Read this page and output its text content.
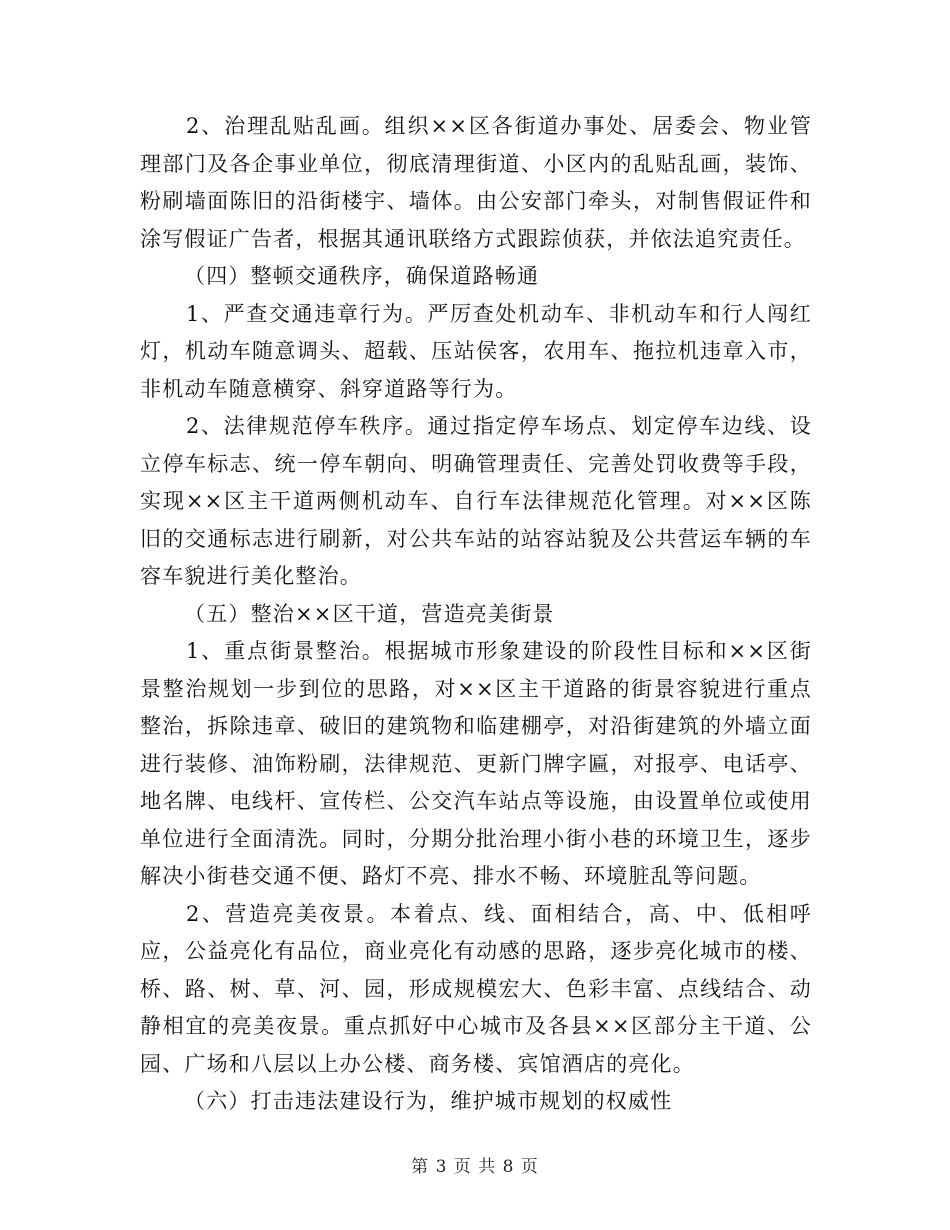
2、治理乱贴乱画。组织××区各街道办事处、居委会、物业管理部门及各企事业单位，彻底清理街道、小区内的乱贴乱画，装饰、粉刷墙面陈旧的沿街楼宇、墙体。由公安部门牵头，对制售假证件和涂写假证广告者，根据其通讯联络方式跟踪侦获，并依法追究责任。

（四）整顿交通秩序，确保道路畅通

1、严查交通违章行为。严厉查处机动车、非机动车和行人闯红灯，机动车随意调头、超载、压站侯客，农用车、拖拉机违章入市，非机动车随意横穿、斜穿道路等行为。

2、法律规范停车秩序。通过指定停车场点、划定停车边线、设立停车标志、统一停车朝向、明确管理责任、完善处罚收费等手段，实现××区主干道两侧机动车、自行车法律规范化管理。对××区陈旧的交通标志进行刷新，对公共车站的站容站貌及公共营运车辆的车容车貌进行美化整治。

（五）整治××区干道，营造亮美街景

1、重点街景整治。根据城市形象建设的阶段性目标和××区街景整治规划一步到位的思路，对××区主干道路的街景容貌进行重点整治，拆除违章、破旧的建筑物和临建棚亭，对沿街建筑的外墙立面进行装修、油饰粉刷，法律规范、更新门牌字匾，对报亭、电话亭、地名牌、电线杆、宣传栏、公交汽车站点等设施，由设置单位或使用单位进行全面清洗。同时，分期分批治理小街小巷的环境卫生，逐步解决小街巷交通不便、路灯不亮、排水不畅、环境脏乱等问题。

2、营造亮美夜景。本着点、线、面相结合，高、中、低相呼应，公益亮化有品位，商业亮化有动感的思路，逐步亮化城市的楼、桥、路、树、草、河、园，形成规模宏大、色彩丰富、点线结合、动静相宜的亮美夜景。重点抓好中心城市及各县××区部分主干道、公园、广场和八层以上办公楼、商务楼、宾馆酒店的亮化。

（六）打击违法建设行为，维护城市规划的权威性

第 3 页 共 8 页
